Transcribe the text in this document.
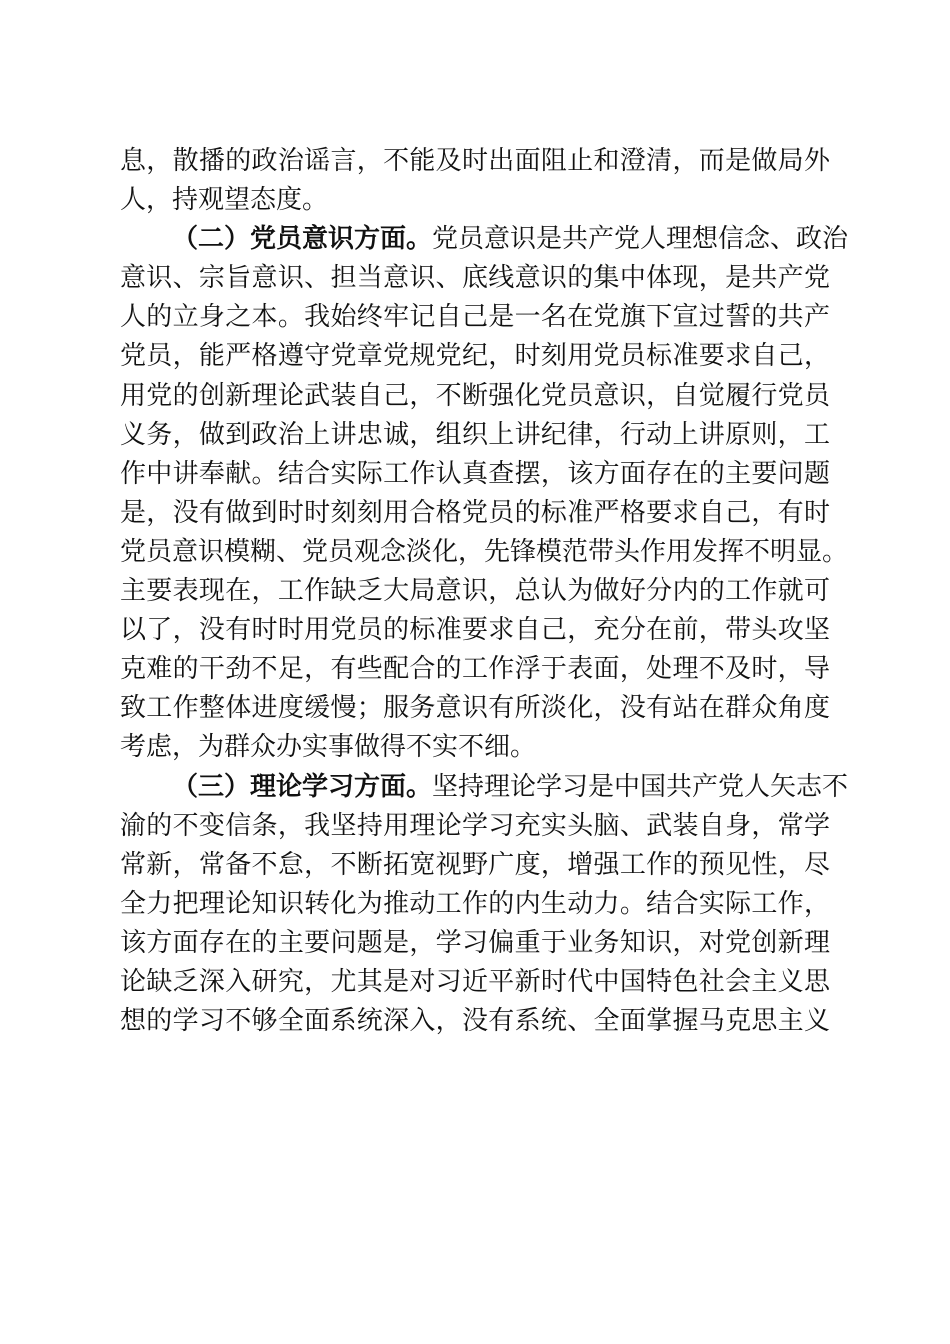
息，散播的政治谣言，不能及时出面阻止和澄清，而是做局外
人，持观望态度。
（二）党员意识方面。党员意识是共产党人理想信念、政治
意识、宗旨意识、担当意识、底线意识的集中体现，是共产党
人的立身之本。我始终牢记自己是一名在党旗下宣过誓的共产
党员，能严格遵守党章党规党纪，时刻用党员标准要求自己，
用党的创新理论武装自己，不断强化党员意识，自觉履行党员
义务，做到政治上讲忠诚，组织上讲纪律，行动上讲原则，工
作中讲奉献。结合实际工作认真查摆，该方面存在的主要问题
是，没有做到时时刻刻用合格党员的标准严格要求自己，有时
党员意识模糊、党员观念淡化，先锋模范带头作用发挥不明显。
主要表现在，工作缺乏大局意识，总认为做好分内的工作就可
以了，没有时时用党员的标准要求自己，充分在前，带头攻坚
克难的干劲不足，有些配合的工作浮于表面，处理不及时，导
致工作整体进度缓慢；服务意识有所淡化，没有站在群众角度
考虑，为群众办实事做得不实不细。
（三）理论学习方面。坚持理论学习是中国共产党人矢志不
渝的不变信条，我坚持用理论学习充实头脑、武装自身，常学
常新，常备不怠，不断拓宽视野广度，增强工作的预见性，尽
全力把理论知识转化为推动工作的内生动力。结合实际工作，
该方面存在的主要问题是，学习偏重于业务知识，对党创新理
论缺乏深入研究，尤其是对习近平新时代中国特色社会主义思
想的学习不够全面系统深入，没有系统、全面掌握马克思主义
